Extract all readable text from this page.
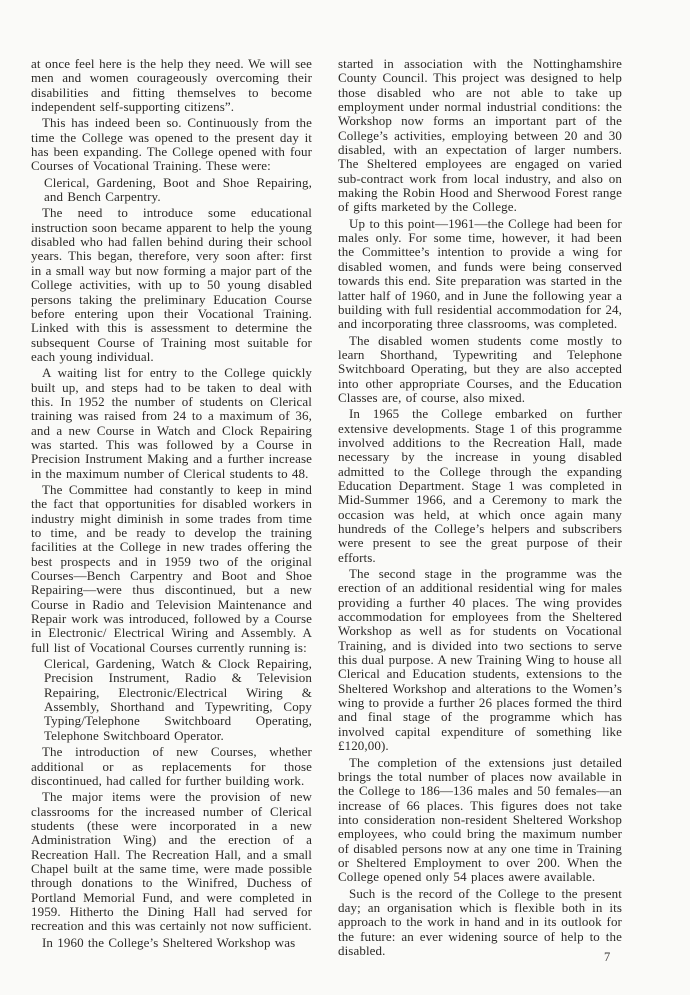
at once feel here is the help they need. We will see men and women courageously overcoming their disabilities and fitting themselves to become independent self-supporting citizens”.

This has indeed been so. Continuously from the time the College was opened to the present day it has been expanding. The College opened with four Courses of Vocational Training. These were:

Clerical, Gardening, Boot and Shoe Repairing, and Bench Carpentry.

The need to introduce some educational instruction soon became apparent to help the young disabled who had fallen behind during their school years. This began, therefore, very soon after: first in a small way but now forming a major part of the College activities, with up to 50 young disabled persons taking the preliminary Education Course before entering upon their Vocational Training. Linked with this is assessment to determine the subsequent Course of Training most suitable for each young individual.

A waiting list for entry to the College quickly built up, and steps had to be taken to deal with this. In 1952 the number of students on Clerical training was raised from 24 to a maximum of 36, and a new Course in Watch and Clock Repairing was started. This was followed by a Course in Precision Instrument Making and a further increase in the maximum number of Clerical students to 48.

The Committee had constantly to keep in mind the fact that opportunities for disabled workers in industry might diminish in some trades from time to time, and be ready to develop the training facilities at the College in new trades offering the best prospects and in 1959 two of the original Courses—Bench Carpentry and Boot and Shoe Repairing—were thus discontinued, but a new Course in Radio and Television Maintenance and Repair work was introduced, followed by a Course in Electronic/ Electrical Wiring and Assembly. A full list of Vocational Courses currently running is:

Clerical, Gardening, Watch & Clock Repairing, Precision Instrument, Radio & Television Repairing, Electronic/Electrical Wiring & Assembly, Shorthand and Typewriting, Copy Typing/Telephone Switchboard Operating, Telephone Switchboard Operator.

The introduction of new Courses, whether additional or as replacements for those discontinued, had called for further building work.

The major items were the provision of new classrooms for the increased number of Clerical students (these were incorporated in a new Administration Wing) and the erection of a Recreation Hall. The Recreation Hall, and a small Chapel built at the same time, were made possible through donations to the Winifred, Duchess of Portland Memorial Fund, and were completed in 1959. Hitherto the Dining Hall had served for recreation and this was certainly not now sufficient.

In 1960 the College’s Sheltered Workshop was

started in association with the Nottinghamshire County Council. This project was designed to help those disabled who are not able to take up employment under normal industrial conditions: the Workshop now forms an important part of the College’s activities, employing between 20 and 30 disabled, with an expectation of larger numbers. The Sheltered employees are engaged on varied sub-contract work from local industry, and also on making the Robin Hood and Sherwood Forest range of gifts marketed by the College.

Up to this point—1961—the College had been for males only. For some time, however, it had been the Committee’s intention to provide a wing for disabled women, and funds were being conserved towards this end. Site preparation was started in the latter half of 1960, and in June the following year a building with full residential accommodation for 24, and incorporating three classrooms, was completed.

The disabled women students come mostly to learn Shorthand, Typewriting and Telephone Switchboard Operating, but they are also accepted into other appropriate Courses, and the Education Classes are, of course, also mixed.

In 1965 the College embarked on further extensive developments. Stage 1 of this programme involved additions to the Recreation Hall, made necessary by the increase in young disabled admitted to the College through the expanding Education Department. Stage 1 was completed in Mid-Summer 1966, and a Ceremony to mark the occasion was held, at which once again many hundreds of the College’s helpers and subscribers were present to see the great purpose of their efforts.

The second stage in the programme was the erection of an additional residential wing for males providing a further 40 places. The wing provides accommodation for employees from the Sheltered Workshop as well as for students on Vocational Training, and is divided into two sections to serve this dual purpose. A new Training Wing to house all Clerical and Education students, extensions to the Sheltered Workshop and alterations to the Women’s wing to provide a further 26 places formed the third and final stage of the programme which has involved capital expenditure of something like £120,00).

The completion of the extensions just detailed brings the total number of places now available in the College to 186—136 males and 50 females—an increase of 66 places. This figures does not take into consideration non-resident Sheltered Workshop employees, who could bring the maximum number of disabled persons now at any one time in Training or Sheltered Employment to over 200. When the College opened only 54 places awere available.

Such is the record of the College to the present day; an organisation which is flexible both in its approach to the work in hand and in its outlook for the future: an ever widening source of help to the disabled.	7
